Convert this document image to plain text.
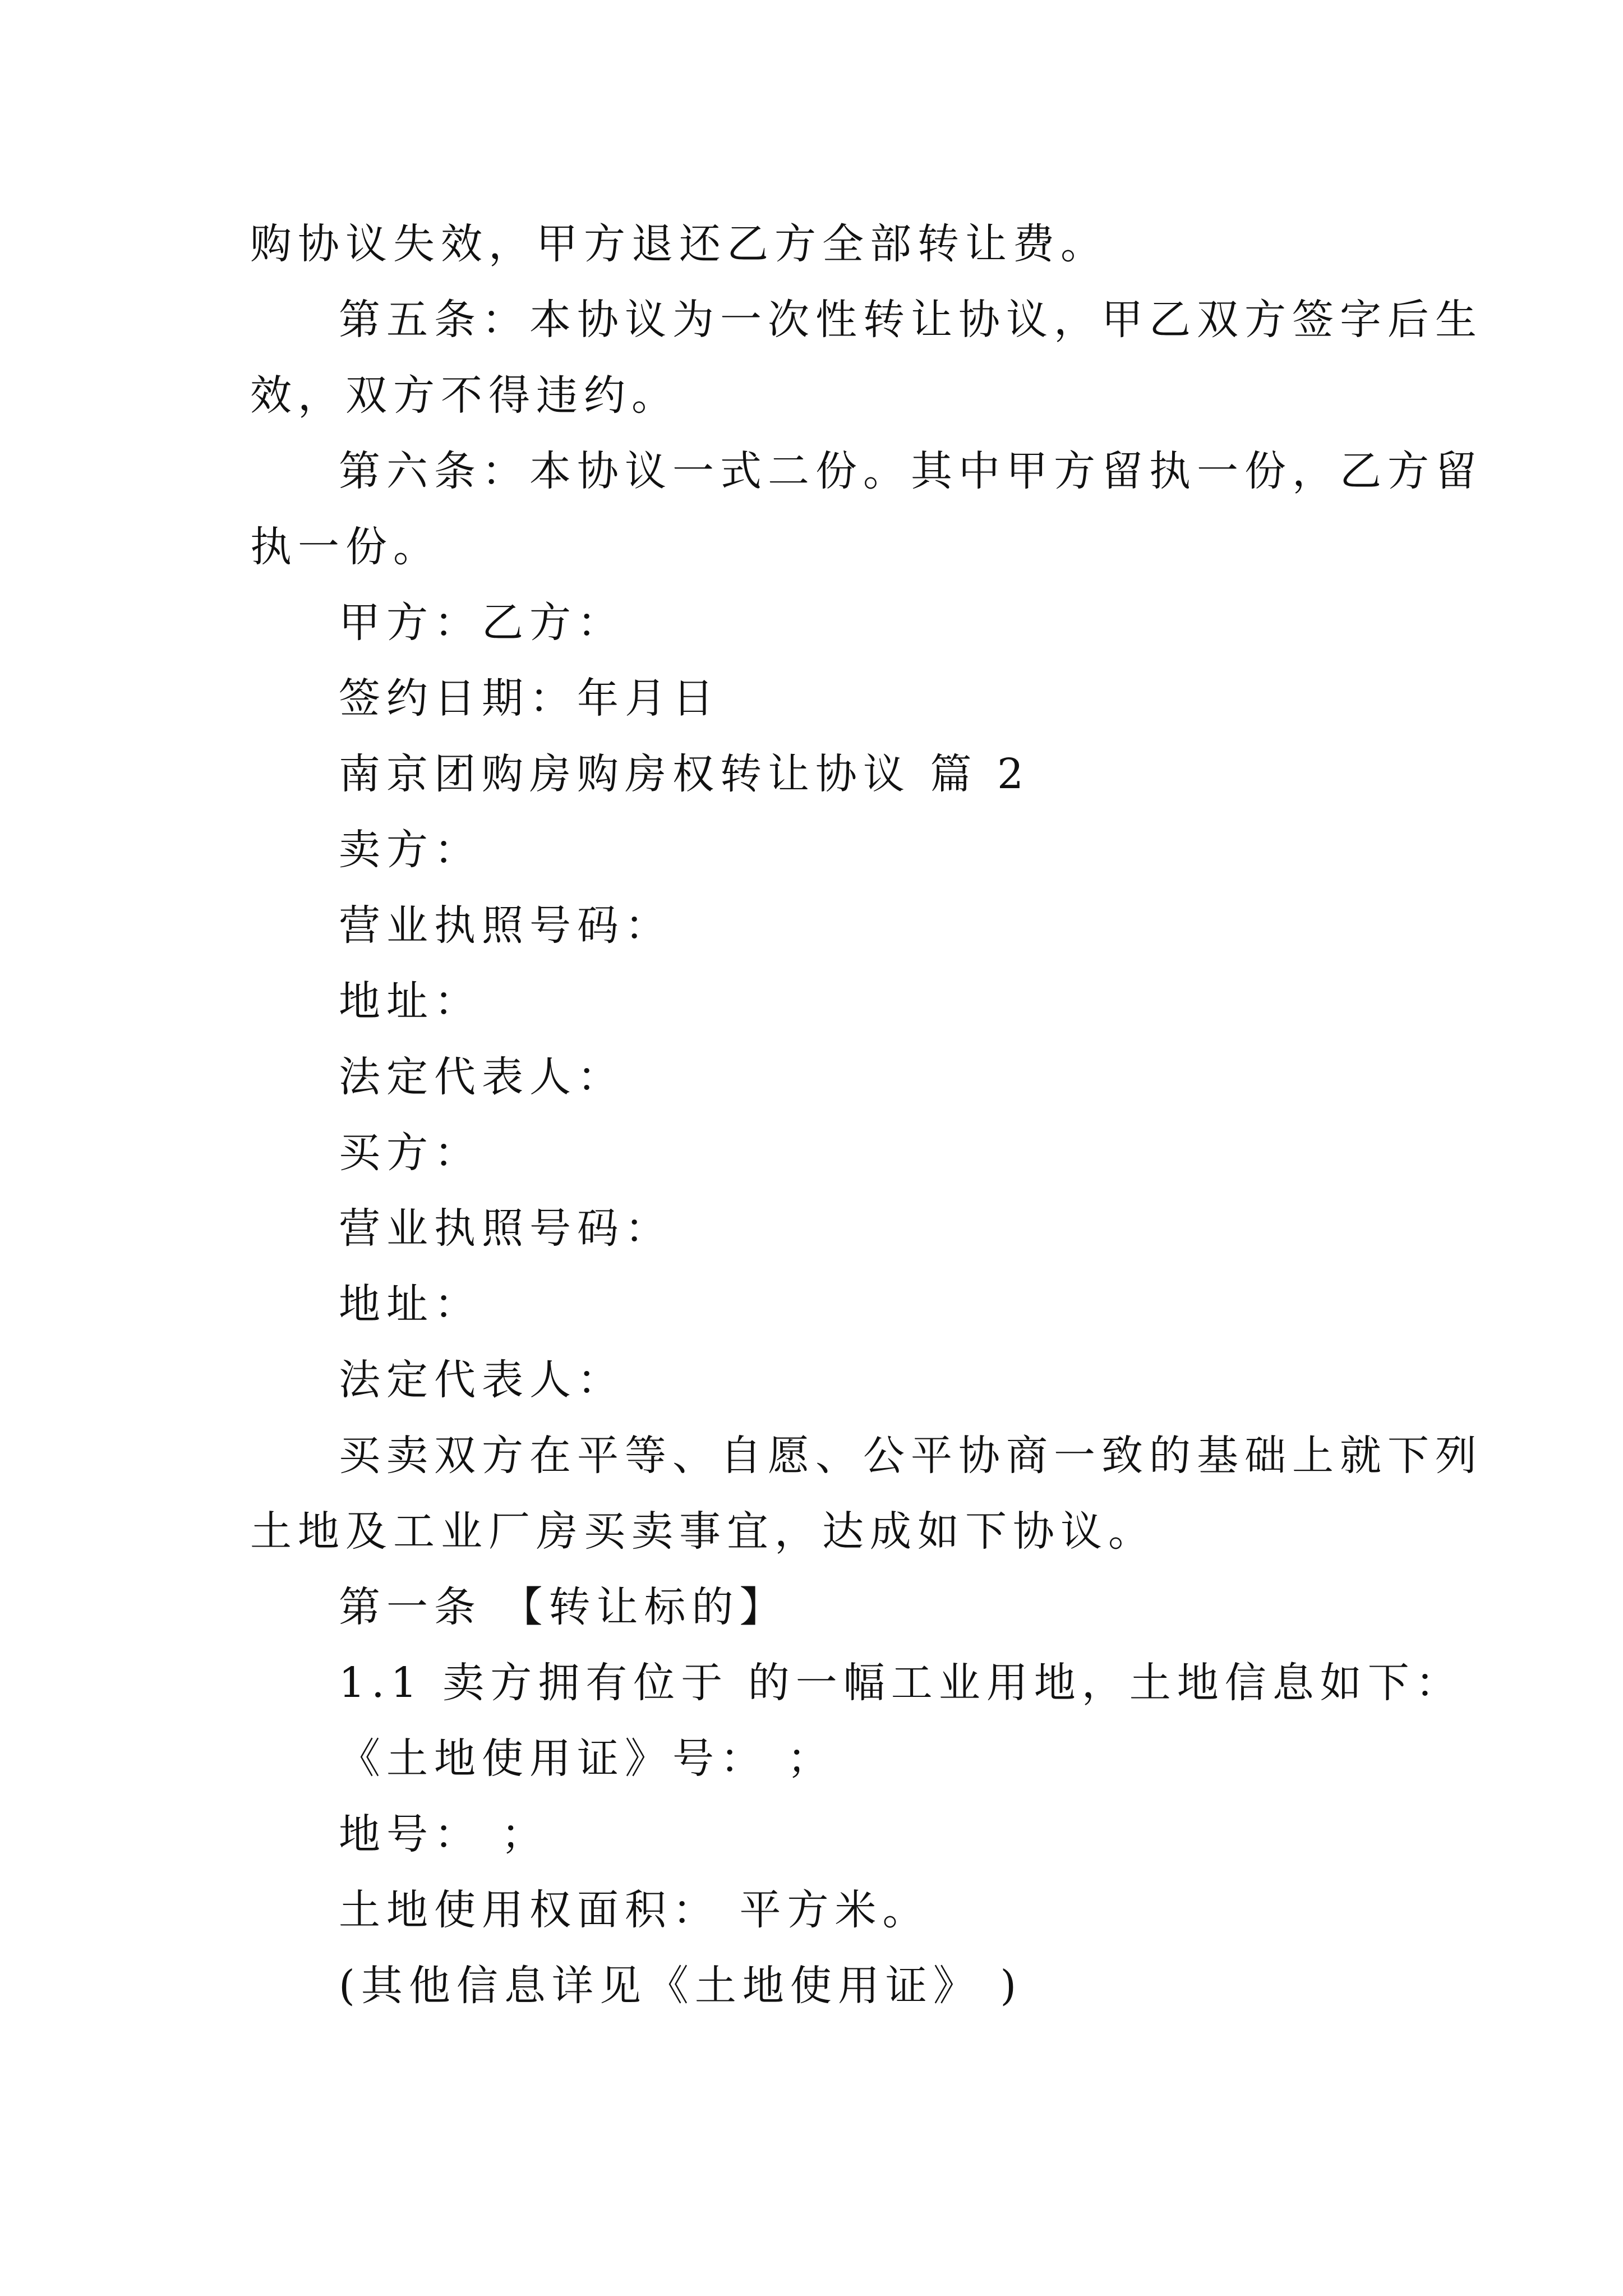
购协议失效，甲方退还乙方全部转让费。

第五条：本协议为一次性转让协议，甲乙双方签字后生

效，双方不得违约。

第六条：本协议一式二份。其中甲方留执一份，乙方留

执一份。

甲方：乙方：

签约日期：年月日

南京团购房购房权转让协议 篇 2

卖方：

营业执照号码：

地址：

法定代表人：

买方：

营业执照号码：

地址：

法定代表人：

买卖双方在平等、自愿、公平协商一致的基础上就下列

土地及工业厂房买卖事宜，达成如下协议。

第一条 【转让标的】

1.1 卖方拥有位于 的一幅工业用地，土地信息如下：

《土地使用证》号： ；

地号： ；

土地使用权面积： 平方米。

(其他信息详见《土地使用证》 )
